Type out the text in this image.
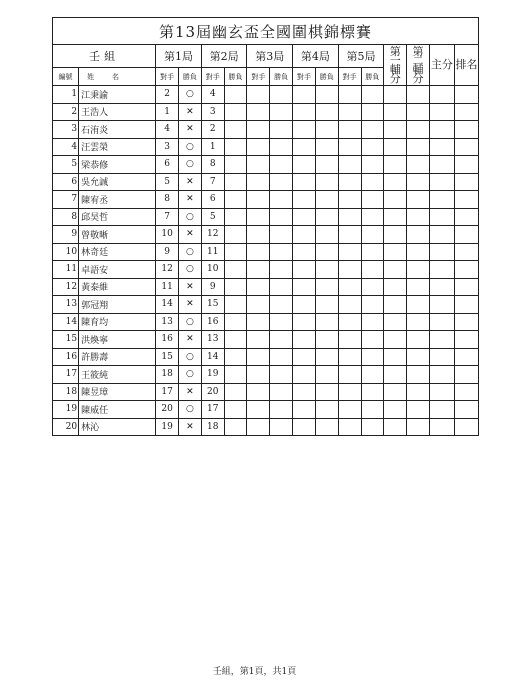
第13屆幽玄盃全國圍棋錦標賽															
壬組		第1局		第2局		第3局		第4局		第5局		第一輔分	第二輔分	主分	排名
編號	姓名	對手	勝負	對手	勝負	對手	勝負	對手	勝負	對手	勝負				
1	江秉諭	2	○	4											
2	王浩人	1	✕	3											
3	石洧炎	4	✕	2											
4	汪雲榮	3	○	1											
5	梁恭修	6	○	8											
6	吳允誠	5	✕	7											
7	陳宥丞	8	✕	6											
8	邱昊哲	7	○	5											
9	曾敬晰	10	✕	12											
10	林奇廷	9	○	11											
11	卓語安	12	○	10											
12	黃泰維	11	✕	9											
13	郭冠翔	14	✕	15											
14	陳育均	13	○	16											
15	洪煥寧	16	✕	13											
16	許勝壽	15	○	14											
17	王筱純	18	○	19											
18	陳昱璋	17	✕	20											
19	陳威任	20	○	17											
20	林沁	19	✕	18											
壬組，第1頁，共1頁
